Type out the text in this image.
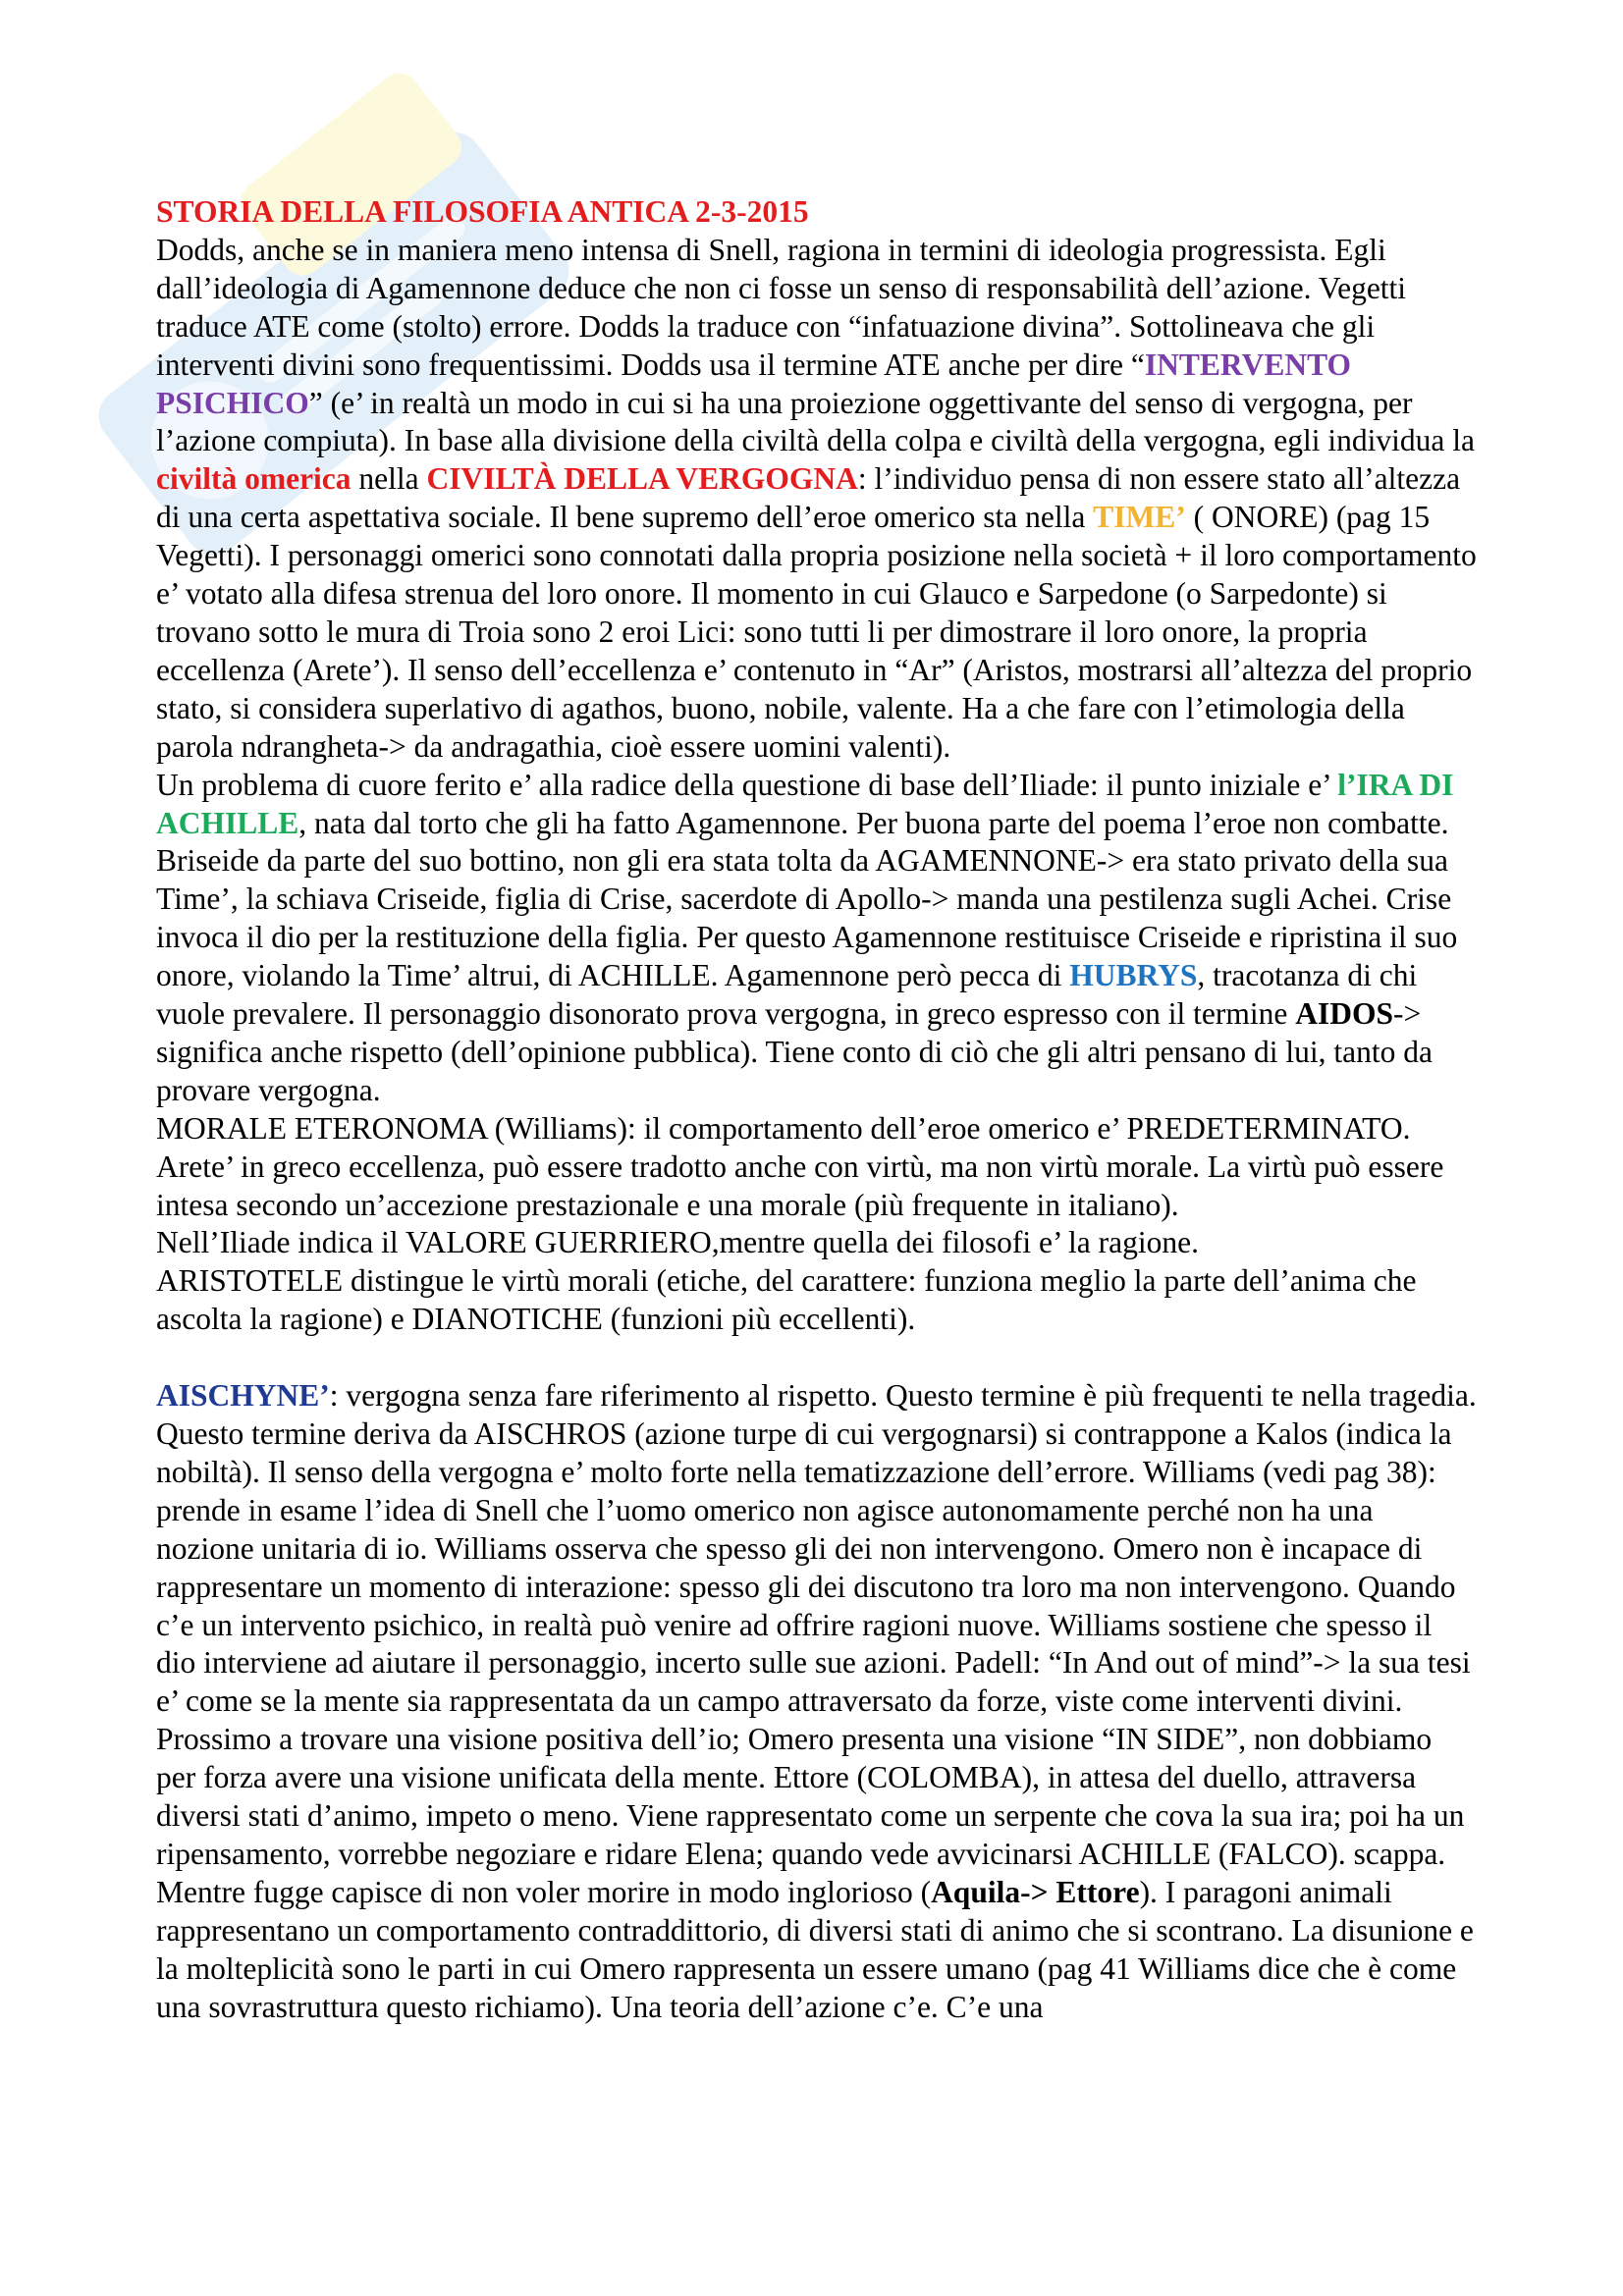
STORIA DELLA FILOSOFIA ANTICA 2-3-2015

Dodds, anche se in maniera meno intensa di Snell, ragiona in termini di ideologia progressista. Egli dall’ideologia di Agamennone deduce che non ci fosse un senso di responsabilità dell’azione. Vegetti traduce ATE come (stolto) errore. Dodds la traduce con “infatuazione divina”. Sottolineava che gli interventi divini sono frequentissimi. Dodds usa il termine ATE anche per dire “INTERVENTO PSICHICO” (e’ in realtà un modo in cui si ha una proiezione oggettivante del senso di vergogna, per l’azione compiuta). In base alla divisione della civiltà della colpa e civiltà della vergogna, egli individua la civiltà omerica nella CIVILTÀ DELLA VERGOGNA: l’individuo pensa di non essere stato all’altezza di una certa aspettativa sociale. Il bene supremo dell’eroe omerico sta nella TIME’ ( ONORE) (pag 15 Vegetti). I personaggi omerici sono connotati dalla propria posizione nella società + il loro comportamento e’ votato alla difesa strenua del loro onore. Il momento in cui Glauco e Sarpedone (o Sarpedonte) si trovano sotto le mura di Troia sono 2 eroi Lici: sono tutti li per dimostrare il loro onore, la propria eccellenza (Arete’). Il senso dell’eccellenza e’ contenuto in “Ar” (Aristos, mostrarsi all’altezza del proprio stato, si considera superlativo di agathos, buono, nobile, valente. Ha a che fare con l’etimologia della parola ndrangheta-> da andragathia, cioè essere uomini valenti).

Un problema di cuore ferito e’ alla radice della questione di base dell’Iliade: il punto iniziale e’ l’IRA DI ACHILLE, nata dal torto che gli ha fatto Agamennone. Per buona parte del poema l’eroe non combatte. Briseide da parte del suo bottino, non gli era stata tolta da AGAMENNONE-> era stato privato della sua Time’, la schiava Criseide, figlia di Crise, sacerdote di Apollo-> manda una pestilenza sugli Achei. Crise invoca il dio per la restituzione della figlia. Per questo Agamennone restituisce Criseide e ripristina il suo onore, violando la Time’ altrui, di ACHILLE. Agamennone però pecca di HUBRYS, tracotanza di chi vuole prevalere. Il personaggio disonorato prova vergogna, in greco espresso con il termine AIDOS-> significa anche rispetto (dell’opinione pubblica). Tiene conto di ciò che gli altri pensano di lui, tanto da provare vergogna.

MORALE ETERONOMA (Williams): il comportamento dell’eroe omerico e’ PREDETERMINATO.

Arete’ in greco eccellenza, può essere tradotto anche con virtù, ma non virtù morale. La virtù può essere intesa secondo un’accezione prestazionale e una morale (più frequente in italiano).

Nell’Iliade indica il VALORE GUERRIERO,mentre quella dei filosofi e’ la ragione.

ARISTOTELE distingue le virtù morali (etiche, del carattere: funziona meglio la parte dell’anima che ascolta la ragione) e DIANOTICHE (funzioni più eccellenti).

AISCHYNE’: vergogna senza fare riferimento al rispetto. Questo termine è più frequenti te nella tragedia. Questo termine deriva da AISCHROS (azione turpe di cui vergognarsi) si contrappone a Kalos (indica la nobiltà). Il senso della vergogna e’ molto forte nella tematizzazione dell’errore. Williams (vedi pag 38): prende in esame l’idea di Snell che l’uomo omerico non agisce autonomamente perché non ha una nozione unitaria di io. Williams osserva che spesso gli dei non intervengono. Omero non è incapace di rappresentare un momento di interazione: spesso gli dei discutono tra loro ma non intervengono. Quando c’e un intervento psichico, in realtà può venire ad offrire ragioni nuove. Williams sostiene che spesso il dio interviene ad aiutare il personaggio, incerto sulle sue azioni. Padell: “In And out of mind”-> la sua tesi e’ come se la mente sia rappresentata da un campo attraversato da forze, viste come interventi divini. Prossimo a trovare una visione positiva dell’io; Omero presenta una visione “IN SIDE”, non dobbiamo per forza avere una visione unificata della mente. Ettore (COLOMBA), in attesa del duello, attraversa diversi stati d’animo, impeto o meno. Viene rappresentato come un serpente che cova la sua ira; poi ha un ripensamento, vorrebbe negoziare e ridare Elena; quando vede avvicinarsi ACHILLE (FALCO). scappa. Mentre fugge capisce di non voler morire in modo inglorioso (Aquila-> Ettore). I paragoni animali rappresentano un comportamento contraddittorio, di diversi stati di animo che si scontrano. La disunione e la molteplicità sono le parti in cui Omero rappresenta un essere umano (pag 41 Williams dice che è come una sovrastruttura questo richiamo). Una teoria dell’azione c’e. C’e una
